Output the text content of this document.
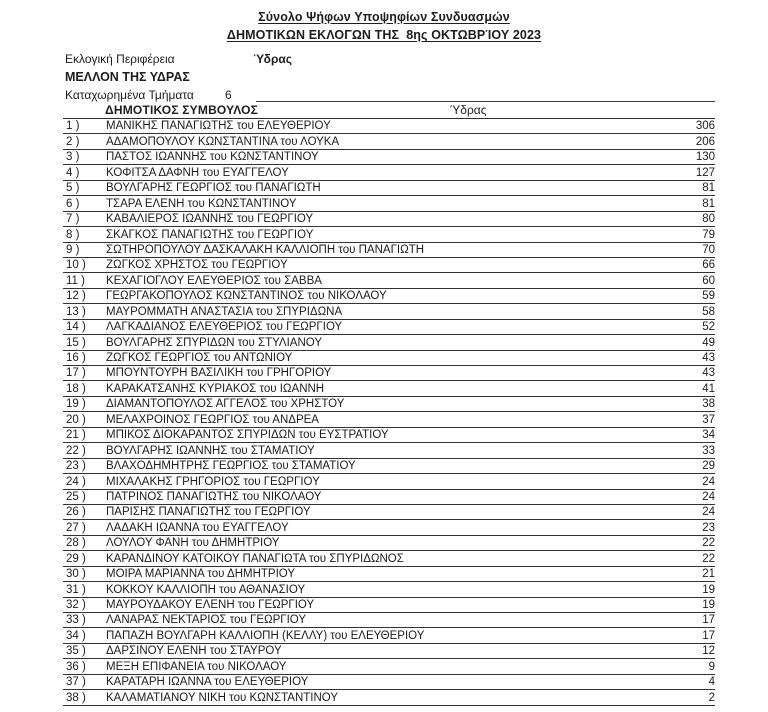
Σύνολο Ψήφων Υποψηφίων Συνδυασμών
ΔΗΜΟΤΙΚΩΝ ΕΚΛΟΓΩΝ ΤΗΣ  8ης ΟΚΤΩΒΡΊΟΥ 2023
Εκλογική Περιφέρεια	Ύδρας
ΜΕΛΛΟΝ ΤΗΣ ΥΔΡΑΣ
Καταχωρημένα Τμήματα	6
ΔΗΜΟΤΙΚΟΣ ΣΥΜΒΟΥΛΟΣ	Ύδρας
1 )	ΜΑΝΙΚΗΣ ΠΑΝΑΓΙΩΤΗΣ του ΕΛΕΥΘΕΡΙΟΥ	306
2 )	ΑΔΑΜΟΠΟΥΛΟΥ ΚΩΝΣΤΑΝΤΙΝΑ του ΛΟΥΚΑ	206
3 )	ΠΑΣΤΟΣ ΙΩΑΝΝΗΣ του ΚΩΝΣΤΑΝΤΙΝΟΥ	130
4 )	ΚΟΦΙΤΣΑ ΔΑΦΝΗ του ΕΥΑΓΓΕΛΟΥ	127
5 )	ΒΟΥΛΓΑΡΗΣ ΓΕΩΡΓΙΟΣ του ΠΑΝΑΓΙΩΤΗ	81
6 )	ΤΣΑΡΑ ΕΛΕΝΗ του ΚΩΝΣΤΑΝΤΙΝΟΥ	81
7 )	ΚΑΒΑΛΙΕΡΟΣ ΙΩΑΝΝΗΣ του ΓΕΩΡΓΙΟΥ	80
8 )	ΣΚΑΓΚΟΣ ΠΑΝΑΓΙΩΤΗΣ του ΓΕΩΡΓΙΟΥ	79
9 )	ΣΩΤΗΡΟΠΟΥΛΟΥ ΔΑΣΚΑΛΑΚΗ ΚΑΛΛΙΟΠΗ του ΠΑΝΑΓΙΩΤΗ	70
10 )	ΖΩΓΚΟΣ ΧΡΗΣΤΟΣ του ΓΕΩΡΓΙΟΥ	66
11 )	ΚΕΧΑΓΙΟΓΛΟΥ ΕΛΕΥΘΕΡΙΟΣ του ΣΑΒΒΑ	60
12 )	ΓΕΩΡΓΑΚΟΠΟΥΛΟΣ ΚΩΝΣΤΑΝΤΙΝΟΣ του ΝΙΚΟΛΑΟΥ	59
13 )	ΜΑΥΡΟΜΜΑΤΗ ΑΝΑΣΤΑΣΙΑ του ΣΠΥΡΙΔΩΝΑ	58
14 )	ΛΑΓΚΑΔΙΑΝΟΣ ΕΛΕΥΘΕΡΙΟΣ του ΓΕΩΡΓΙΟΥ	52
15 )	ΒΟΥΛΓΑΡΗΣ ΣΠΥΡΙΔΩΝ του ΣΤΥΛΙΑΝΟΥ	49
16 )	ΖΩΓΚΟΣ ΓΕΩΡΓΙΟΣ του ΑΝΤΩΝΙΟΥ	43
17 )	ΜΠΟΥΝΤΟΥΡΗ ΒΑΣΙΛΙΚΗ του ΓΡΗΓΟΡΙΟΥ	43
18 )	ΚΑΡΑΚΑΤΣΑΝΗΣ ΚΥΡΙΑΚΟΣ του ΙΩΑΝΝΗ	41
19 )	ΔΙΑΜΑΝΤΟΠΟΥΛΟΣ ΑΓΓΕΛΟΣ του ΧΡΗΣΤΟΥ	38
20 )	ΜΕΛΑΧΡΟΙΝΟΣ ΓΕΩΡΓΙΟΣ του ΑΝΔΡΕΑ	37
21 )	ΜΠΙΚΟΣ ΔΙΟΚΑΡΑΝΤΟΣ ΣΠΥΡΙΔΩΝ του ΕΥΣΤΡΑΤΙΟΥ	34
22 )	ΒΟΥΛΓΑΡΗΣ ΙΩΑΝΝΗΣ του ΣΤΑΜΑΤΙΟΥ	33
23 )	ΒΛΑΧΟΔΗΜΗΤΡΗΣ ΓΕΩΡΓΙΟΣ του ΣΤΑΜΑΤΙΟΥ	29
24 )	ΜΙΧΑΛΑΚΗΣ ΓΡΗΓΟΡΙΟΣ του ΓΕΩΡΓΙΟΥ	24
25 )	ΠΑΤΡΙΝΟΣ ΠΑΝΑΓΙΩΤΗΣ του ΝΙΚΟΛΑΟΥ	24
26 )	ΠΑΡΙΣΗΣ ΠΑΝΑΓΙΩΤΗΣ του ΓΕΩΡΓΙΟΥ	24
27 )	ΛΑΔΑΚΗ ΙΩΑΝΝΑ του ΕΥΑΓΓΕΛΟΥ	23
28 )	ΛΟΥΛΟΥ ΦΑΝΗ του ΔΗΜΗΤΡΙΟΥ	22
29 )	ΚΑΡΑΝΔΙΝΟΥ ΚΑΤΟΙΚΟΥ ΠΑΝΑΓΙΩΤΑ του ΣΠΥΡΙΔΩΝΟΣ	22
30 )	ΜΟΙΡΑ ΜΑΡΙΑΝΝΑ του ΔΗΜΗΤΡΙΟΥ	21
31 )	ΚΟΚΚΟΥ ΚΑΛΛΙΟΠΗ του ΑΘΑΝΑΣΙΟΥ	19
32 )	ΜΑΥΡΟΥΔΑΚΟΥ ΕΛΕΝΗ του ΓΕΩΡΓΙΟΥ	19
33 )	ΛΑΝΑΡΑΣ ΝΕΚΤΑΡΙΟΣ του ΓΕΩΡΓΙΟΥ	17
34 )	ΠΑΠΑΖΗ ΒΟΥΛΓΑΡΗ ΚΑΛΛΙΟΠΗ (ΚΕΛΛΥ) του ΕΛΕΥΘΕΡΙΟΥ	17
35 )	ΔΑΡΣΙΝΟΥ ΕΛΕΝΗ του ΣΤΑΥΡΟΥ	12
36 )	ΜΕΞΗ ΕΠΙΦΑΝΕΙΑ του ΝΙΚΟΛΑΟΥ	9
37 )	ΚΑΡΑΤΑΡΗ ΙΩΑΝΝΑ του ΕΛΕΥΘΕΡΙΟΥ	4
38 )	ΚΑΛΑΜΑΤΙΑΝΟΥ ΝΙΚΗ του ΚΩΝΣΤΑΝΤΙΝΟΥ	2
